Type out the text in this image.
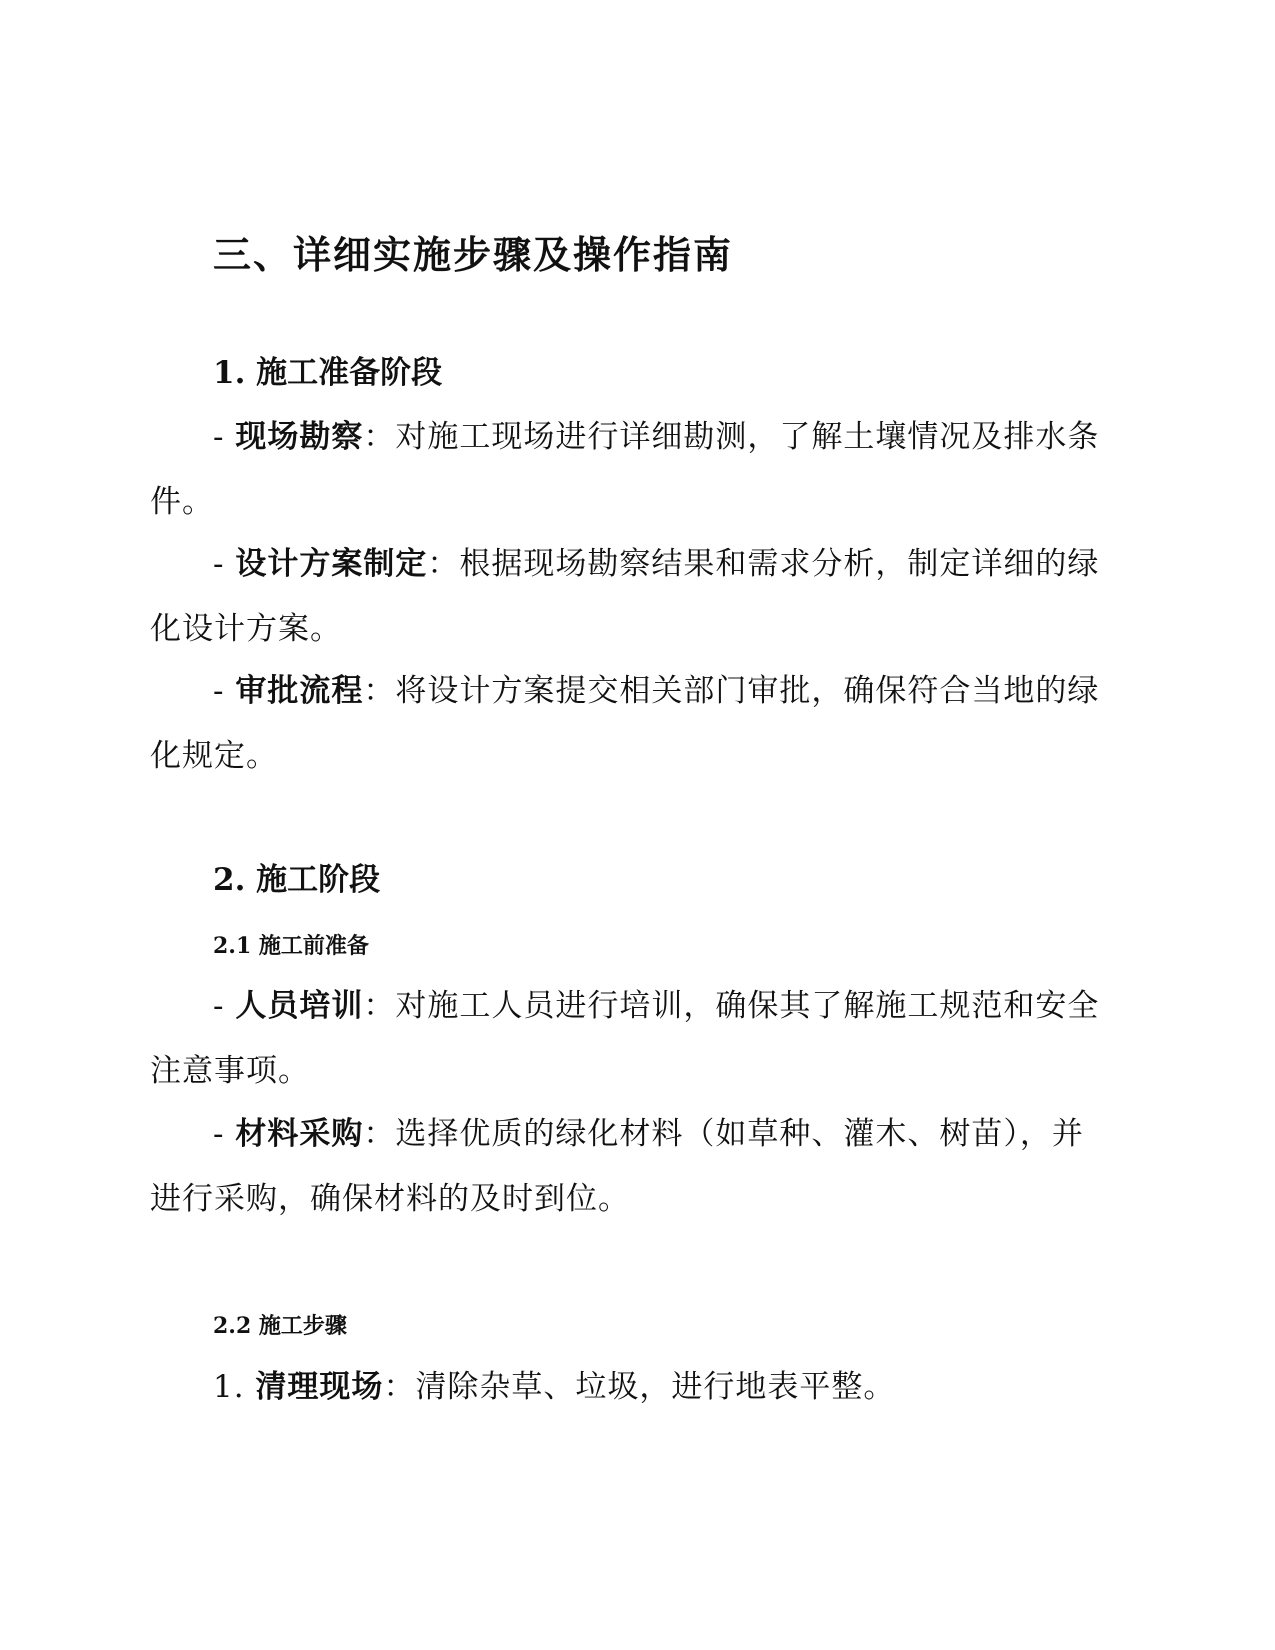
三、详细实施步骤及操作指南
1. 施工准备阶段

- 现场勘察：对施工现场进行详细勘测，了解土壤情况及排水条件。

- 设计方案制定：根据现场勘察结果和需求分析，制定详细的绿化设计方案。

- 审批流程：将设计方案提交相关部门审批，确保符合当地的绿化规定。

2. 施工阶段
2.1 施工前准备

- 人员培训：对施工人员进行培训，确保其了解施工规范和安全注意事项。

- 材料采购：选择优质的绿化材料（如草种、灌木、树苗），并进行采购，确保材料的及时到位。

2.2 施工步骤

1. 清理现场：清除杂草、垃圾，进行地表平整。
